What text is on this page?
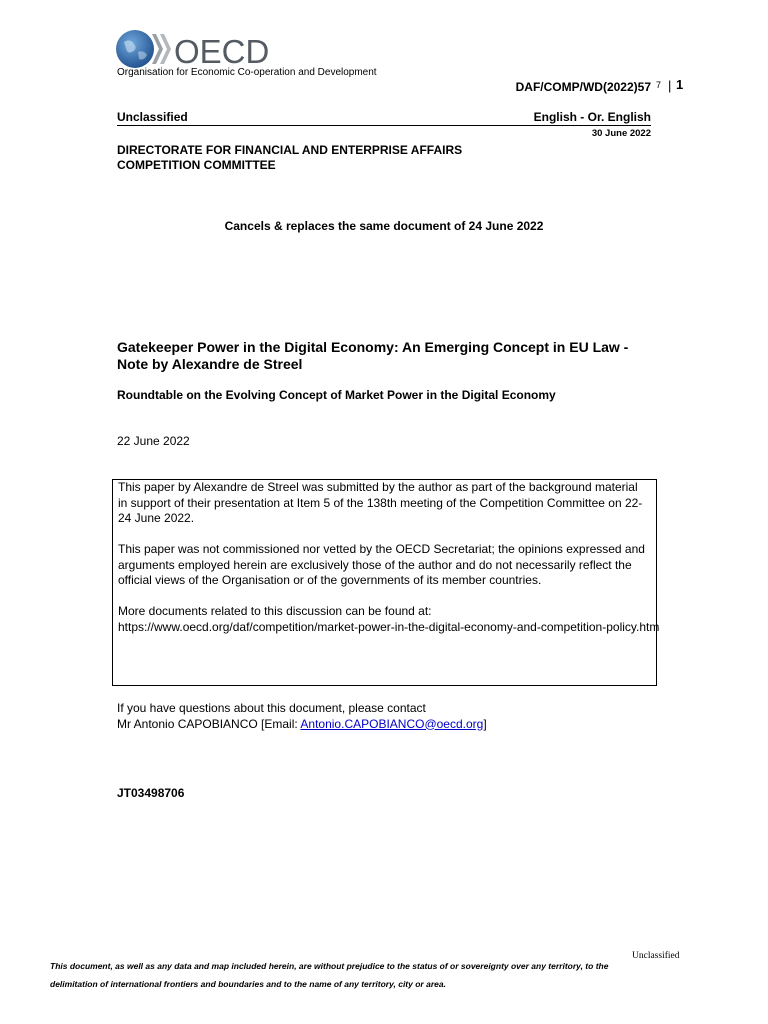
OECD
Organisation for Economic Co-operation and Development
DAF/COMP/WD(2022)57 7 | 1
Unclassified	English - Or. English
30 June 2022
DIRECTORATE FOR FINANCIAL AND ENTERPRISE AFFAIRS
COMPETITION COMMITTEE
Cancels & replaces the same document of 24 June 2022
Gatekeeper Power in the Digital Economy: An Emerging Concept in EU Law - Note by Alexandre de Streel
Roundtable on the Evolving Concept of Market Power in the Digital Economy
22 June 2022

This paper by Alexandre de Streel was submitted by the author as part of the background material in support of their presentation at Item 5 of the 138th meeting of the Competition Committee on 22-24 June 2022.

This paper was not commissioned nor vetted by the OECD Secretariat; the opinions expressed and arguments employed herein are exclusively those of the author and do not necessarily reflect the official views of the Organisation or of the governments of its member countries.

More documents related to this discussion can be found at:
https://www.oecd.org/daf/competition/market-power-in-the-digital-economy-and-competition-policy.htm
If you have questions about this document, please contact
Mr Antonio CAPOBIANCO [Email: Antonio.CAPOBIANCO@oecd.org]
JT03498706
Unclassified
This document, as well as any data and map included herein, are without prejudice to the status of or sovereignty over any territory, to the delimitation of international frontiers and boundaries and to the name of any territory, city or area.
